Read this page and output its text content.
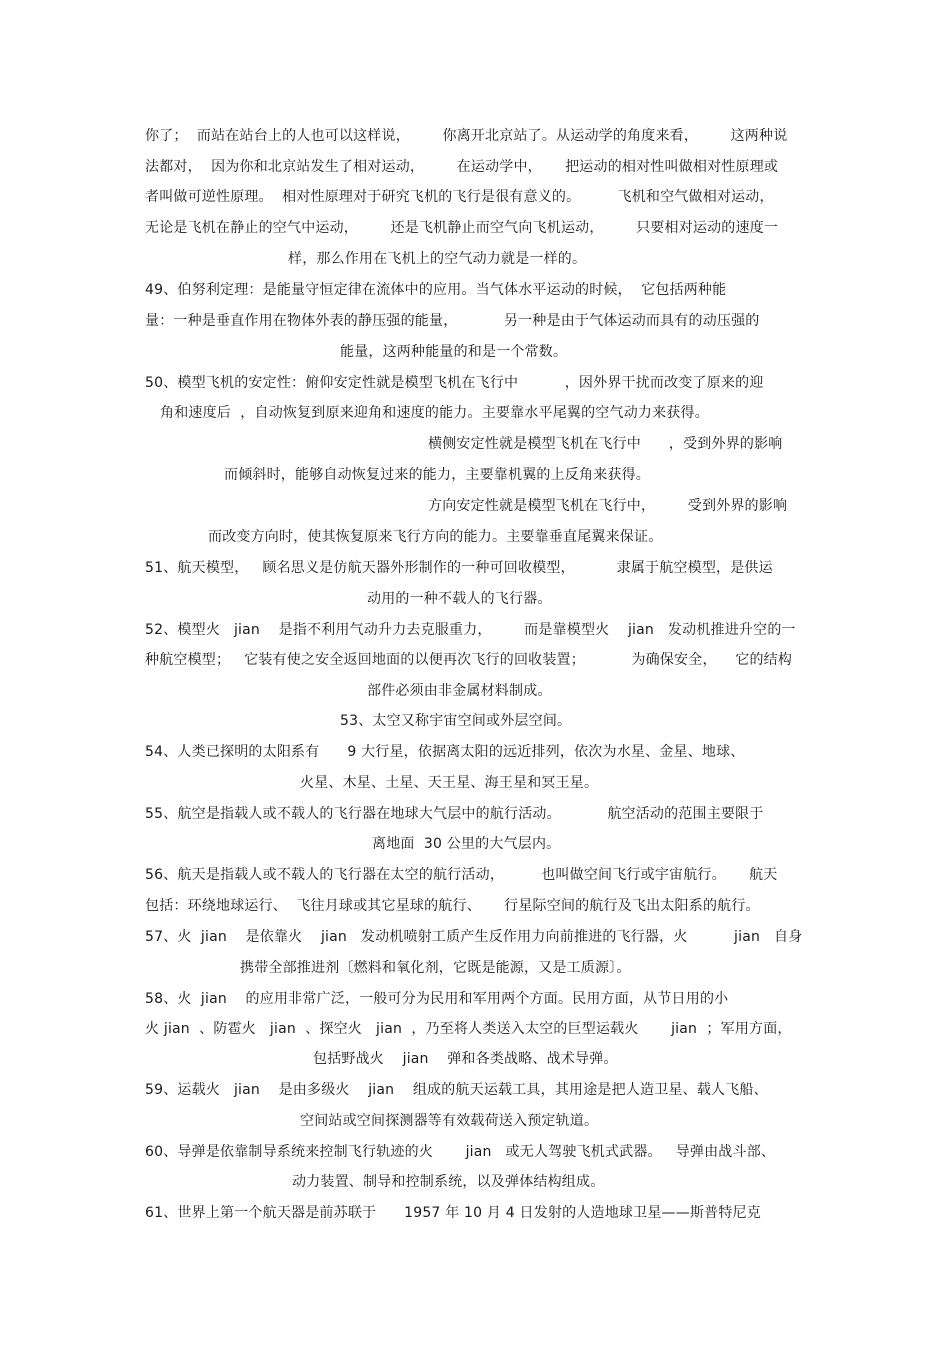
你了；  而站在站台上的人也可以这样说，       你离开北京站了。从运动学的角度来看，       这两种说

法都对，  因为你和北京站发生了相对运动，       在运动学中，     把运动的相对性叫做相对性原理或

者叫做可逆性原理。  相对性原理对于研究飞机的飞行是很有意义的。        飞机和空气做相对运动，

无论是飞机在静止的空气中运动，       还是飞机静止而空气向飞机运动，       只要相对运动的速度一

样，那么作用在飞机上的空气动力就是一样的。

49、伯努利定理：是能量守恒定律在流体中的应用。当气体水平运动的时候，  它包括两种能

量：一种是垂直作用在物体外表的静压强的能量，          另一种是由于气体运动而具有的动压强的

能量，这两种能量的和是一个常数。

50、模型飞机的安定性：俯仰安定性就是模型飞机在飞行中          ，因外界干扰而改变了原来的迎

角和速度后  ，自动恢复到原来迎角和速度的能力。主要靠水平尾翼的空气动力来获得。

横侧安定性就是模型飞机在飞行中      ，受到外界的影响

而倾斜时，能够自动恢复过来的能力，主要靠机翼的上反角来获得。

方向安定性就是模型飞机在飞行中，       受到外界的影响

而改变方向时，使其恢复原来飞行方向的能力。主要靠垂直尾翼来保证。

51、航天模型，   顾名思义是仿航天器外形制作的一种可回收模型，         隶属于航空模型，是供运

动用的一种不载人的飞行器。

52、模型火   jian    是指不利用气动升力去克服重力，       而是靠模型火    jian   发动机推进升空的一

种航空模型；   它装有使之安全返回地面的以便再次飞行的回收装置；          为确保安全，    它的结构

部件必须由非金属材料制成。

53、太空又称宇宙空间或外层空间。

54、人类已探明的太阳系有      9 大行星，依据离太阳的远近排列，依次为水星、金星、地球、

火星、木星、土星、天王星、海王星和冥王星。

55、航空是指载人或不载人的飞行器在地球大气层中的航行活动。          航空活动的范围主要限于

离地面  30 公里的大气层内。

56、航天是指载人或不载人的飞行器在太空的航行活动，        也叫做空间飞行或宇宙航行。     航天

包括：环绕地球运行、  飞往月球或其它星球的航行、     行星际空间的航行及飞出太阳系的航行。

57、火  jian    是依靠火    jian   发动机喷射工质产生反作用力向前推进的飞行器，火          jian   自身

携带全部推进剂〔燃料和氧化剂，它既是能源，又是工质源〕。

58、火  jian    的应用非常广泛，一般可分为民用和军用两个方面。民用方面，从节日用的小

火 jian  、防雹火   jian  、探空火   jian  ，乃至将人类送入太空的巨型运载火       jian  ；军用方面，

包括野战火    jian    弹和各类战略、战术导弹。

59、运载火   jian    是由多级火    jian    组成的航天运载工具，其用途是把人造卫星、载人飞船、

空间站或空间探测器等有效载荷送入预定轨道。

60、导弹是依靠制导系统来控制飞行轨迹的火       jian   或无人驾驶飞机式武器。   导弹由战斗部、

动力装置、制导和控制系统，以及弹体结构组成。

61、世界上第一个航天器是前苏联于      1957 年 10 月 4 日发射的人造地球卫星——斯普特尼克
